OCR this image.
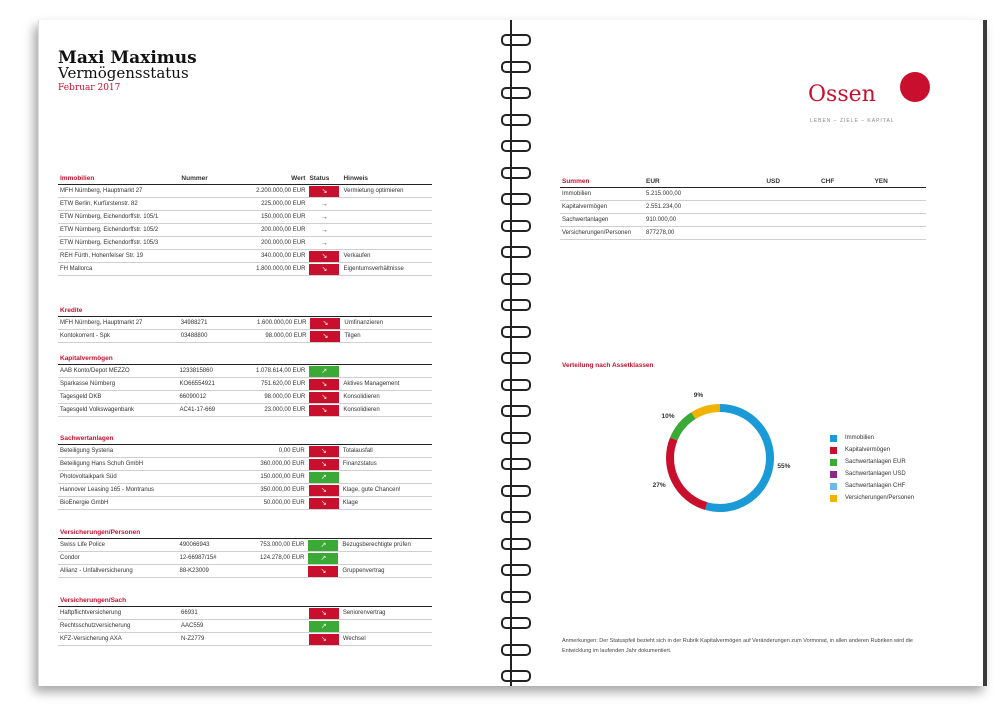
Maxi Maximus
Vermögensstatus
Februar 2017
Immobilien	Nummer	Wert	Status	Hinweis
MFH Nürnberg, Hauptmarkt 27		2.200.000,00 EUR	↘	Vermietung optimieren
ETW Berlin, Kurfürstenstr. 82		225.000,00 EUR	→	
ETW Nürnberg, Eichendorffstr. 105/1		150.000,00 EUR	→	
ETW Nürnberg, Eichendorffstr. 105/2		200.000,00 EUR	→	
ETW Nürnberg, Eichendorffstr. 105/3		200.000,00 EUR	→	
REH Fürth, Hohenfelser Str. 19		340.000,00 EUR	↘	Verkaufen
FH Mallorca		1.800.000,00 EUR	↘	Eigentumsverhältnisse
Kredite				
MFH Nürnberg, Hauptmarkt 27	34988271	1.600.000,00 EUR	↘	Umfinanzieren
Kontokorrent - Spk	03488800	98.000,00 EUR	↘	Tilgen
Kapitalvermögen				
AAB Konto/Depot MEZZO	1233815860	1.078.614,00 EUR	↗	
Sparkasse Nürnberg	KO66554921	751.620,00 EUR	↘	Aktives Management
Tagesgeld DKB	66090012	98.000,00 EUR	↘	Konsolidieren
Tagesgeld Volkswagenbank	AC41-17-669	23.000,00 EUR	↘	Konsolidieren
Sachwertanlagen				
Beteiligung Systeria		0,00 EUR	↘	Totalausfall
Beteiligung Hans Schuh GmbH		360.000,00 EUR	↘	Finanzstatus
Photovoltaikpark Süd		150.000,00 EUR	↗	
Hannover Leasing 165 - Montranus		350.000,00 EUR	↘	Klage, gute Chancen!
BioEnergie GmbH		50.000,00 EUR	↘	Klage
Versicherungen/Personen				
Swiss Life Police	490066943	753.000,00 EUR	↗	Bezugsberechtigte prüfen
Condor	12-66987/15#	124.278,00 EUR	↗	
Allianz - Unfallversicherung	88-K23009		↘	Gruppenvertrag
Versicherungen/Sach				
Haftpflichtversicherung	66931		↘	Seniorenvertrag
Rechtsschutzversicherung	AAC559		↗	
KFZ-Versicherung AXA	N-Z2779		↘	Wechsel
Ossen
LEBEN – ZIELE – KAPITAL
Summen	EUR	USD	CHF	YEN
Immobilien	5.215.000,00			
Kapitalvermögen	2.551.234,00			
Sachwertanlagen	910.000,00			
Versicherungen/Personen	877278,00			
Verteilung nach Assetklassen
55%
27%
10%
9%
Immobilien
Kapitalvermögen
Sachwertanlagen EUR
Sachwertanlagen USD
Sachwertanlagen CHF
Versicherungen/Personen
Anmerkungen: Der Statuspfeil bezieht sich in der Rubrik Kapitalvermögen auf Veränderungen zum Vormonat, in allen anderen Rubriken wird die Entwicklung im laufenden Jahr dokumentiert.
